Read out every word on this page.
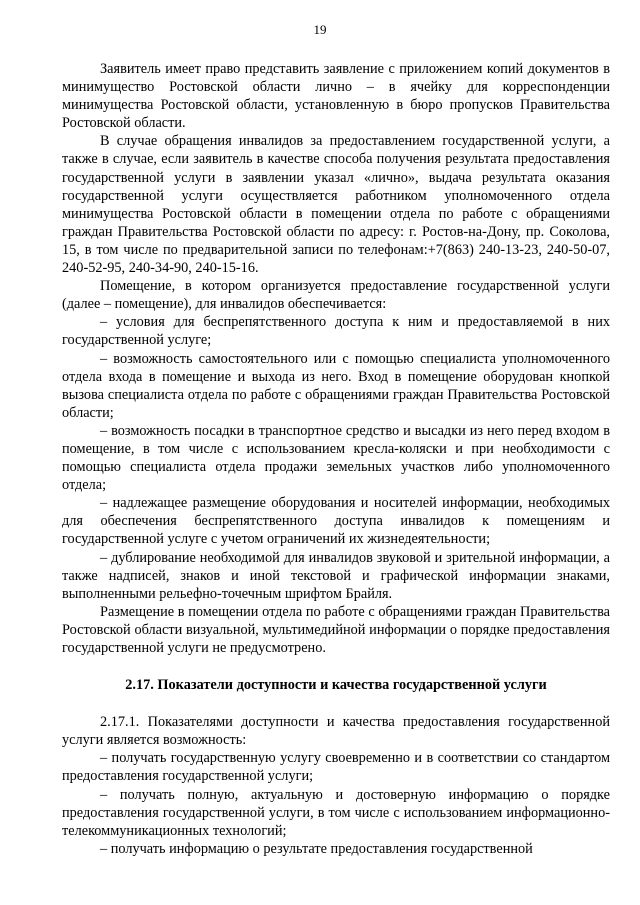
19

Заявитель имеет право представить заявление с приложением копий документов в минимущество Ростовской области лично – в ячейку для корреспонденции минимущества Ростовской области, установленную в бюро пропусков Правительства Ростовской области.

В случае обращения инвалидов за предоставлением государственной услуги, а также в случае, если заявитель в качестве способа получения результата предоставления государственной услуги в заявлении указал «лично», выдача результата оказания государственной услуги осуществляется работником уполномоченного отдела минимущества Ростовской области в помещении отдела по работе с обращениями граждан Правительства Ростовской области по адресу: г. Ростов-на-Дону, пр. Соколова, 15, в том числе по предварительной записи по телефонам:+7(863) 240-13-23, 240-50-07, 240-52-95, 240-34-90, 240-15-16.

Помещение, в котором организуется предоставление государственной услуги (далее – помещение), для инвалидов обеспечивается:

– условия для беспрепятственного доступа к ним и предоставляемой в них государственной услуге;

– возможность самостоятельного или с помощью специалиста уполномоченного отдела входа в помещение и выхода из него. Вход в помещение оборудован кнопкой вызова специалиста отдела по работе с обращениями граждан Правительства Ростовской области;

– возможность посадки в транспортное средство и высадки из него перед входом в помещение, в том числе с использованием кресла-коляски и при необходимости с помощью специалиста отдела продажи земельных участков либо уполномоченного отдела;

– надлежащее размещение оборудования и носителей информации, необходимых для обеспечения беспрепятственного доступа инвалидов к помещениям и государственной услуге с учетом ограничений их жизнедеятельности;

– дублирование необходимой для инвалидов звуковой и зрительной информации, а также надписей, знаков и иной текстовой и графической информации знаками, выполненными рельефно-точечным шрифтом Брайля.

Размещение в помещении отдела по работе с обращениями граждан Правительства Ростовской области визуальной, мультимедийной информации о порядке предоставления государственной услуги не предусмотрено.

2.17. Показатели доступности и качества государственной услуги

2.17.1. Показателями доступности и качества предоставления государственной услуги является возможность:

– получать государственную услугу своевременно и в соответствии со стандартом предоставления государственной услуги;

– получать полную, актуальную и достоверную информацию о порядке предоставления государственной услуги, в том числе с использованием информационно-телекоммуникационных технологий;

– получать информацию о результате предоставления государственной
